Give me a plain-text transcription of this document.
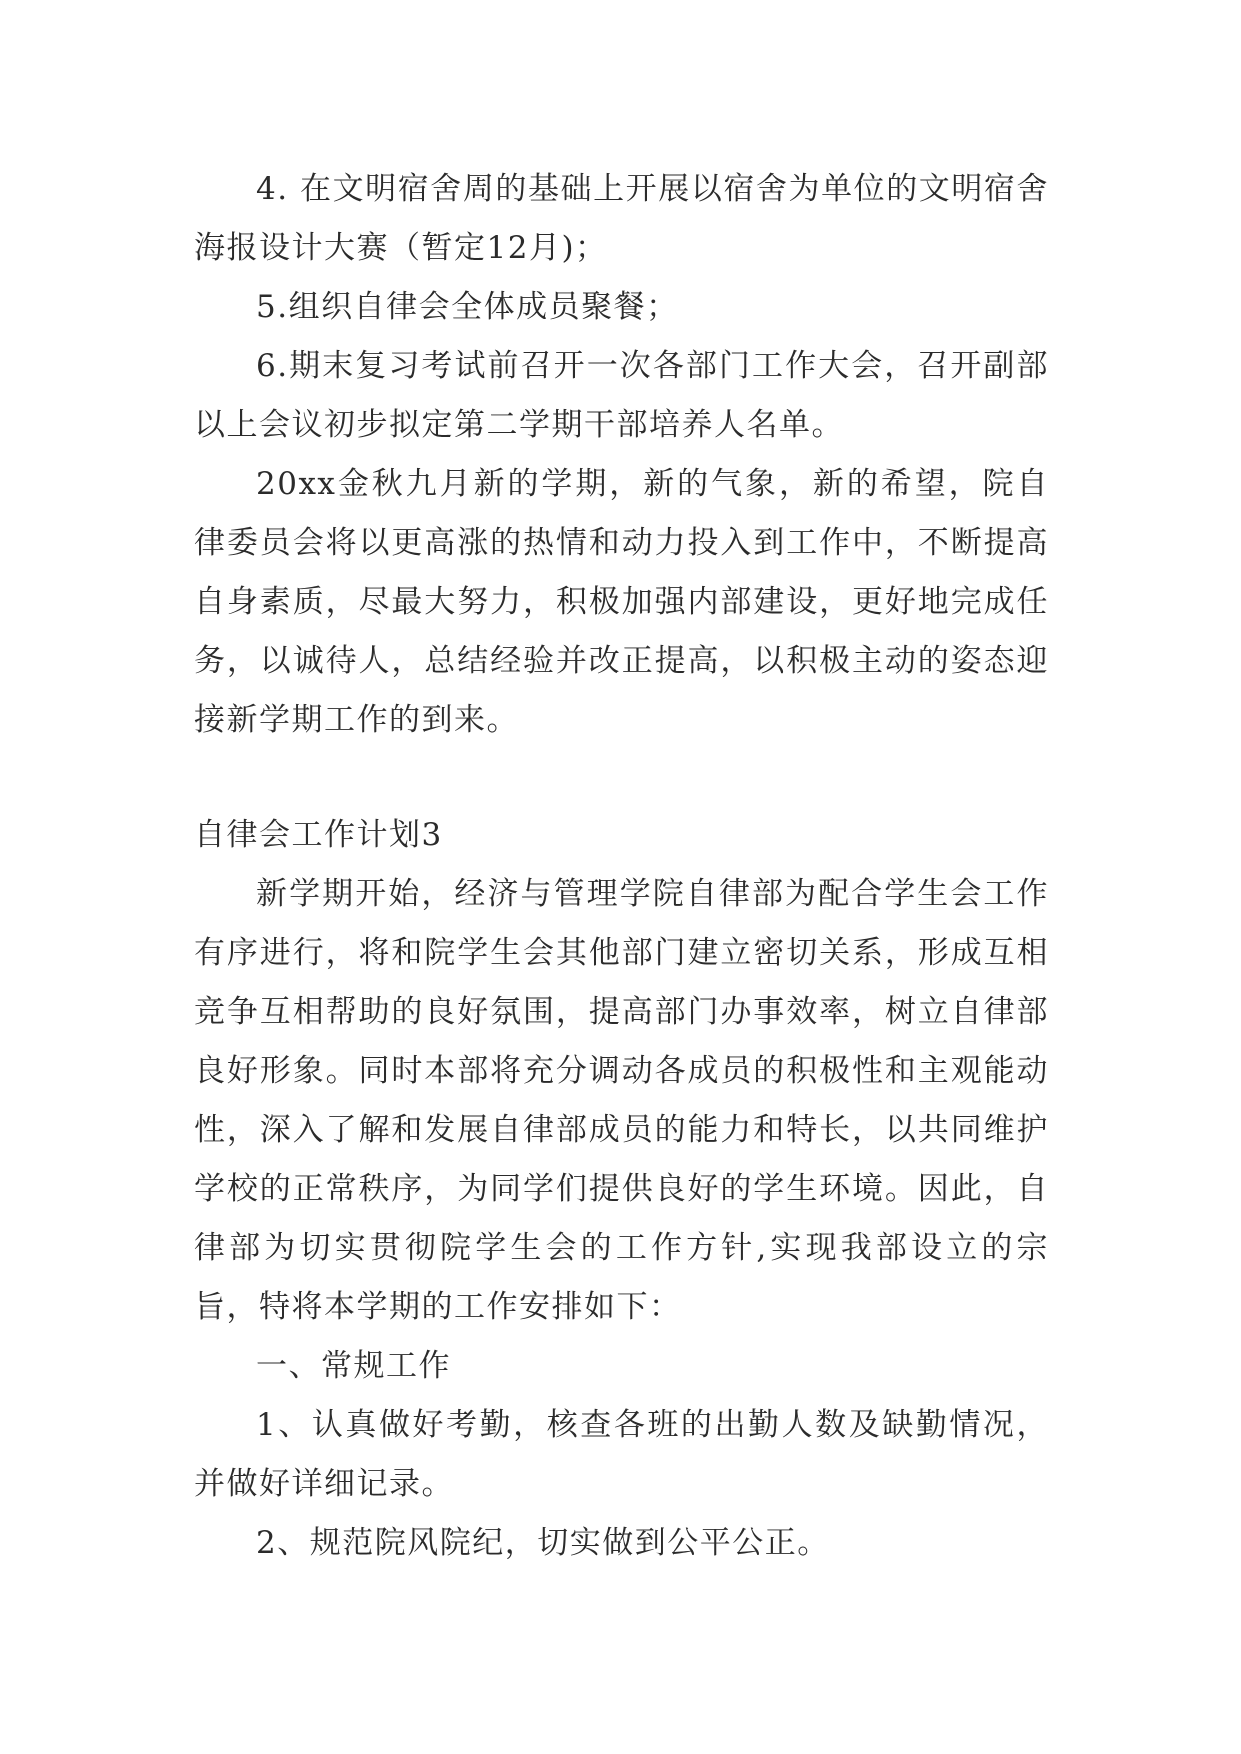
4. 在文明宿舍周的基础上开展以宿舍为单位的文明宿舍海报设计大赛（暂定12月)；

5.组织自律会全体成员聚餐；

6.期末复习考试前召开一次各部门工作大会，召开副部以上会议初步拟定第二学期干部培养人名单。

20xx金秋九月新的学期，新的气象，新的希望，院自律委员会将以更高涨的热情和动力投入到工作中，不断提高自身素质，尽最大努力，积极加强内部建设，更好地完成任务，以诚待人，总结经验并改正提高，以积极主动的姿态迎接新学期工作的到来。

自律会工作计划3

新学期开始，经济与管理学院自律部为配合学生会工作有序进行，将和院学生会其他部门建立密切关系，形成互相竞争互相帮助的良好氛围，提高部门办事效率，树立自律部良好形象。同时本部将充分调动各成员的积极性和主观能动性，深入了解和发展自律部成员的能力和特长，以共同维护学校的正常秩序，为同学们提供良好的学生环境。因此，自律部为切实贯彻院学生会的工作方针,实现我部设立的宗旨，特将本学期的工作安排如下：

一、常规工作

1、认真做好考勤，核查各班的出勤人数及缺勤情况，并做好详细记录。

2、规范院风院纪，切实做到公平公正。
